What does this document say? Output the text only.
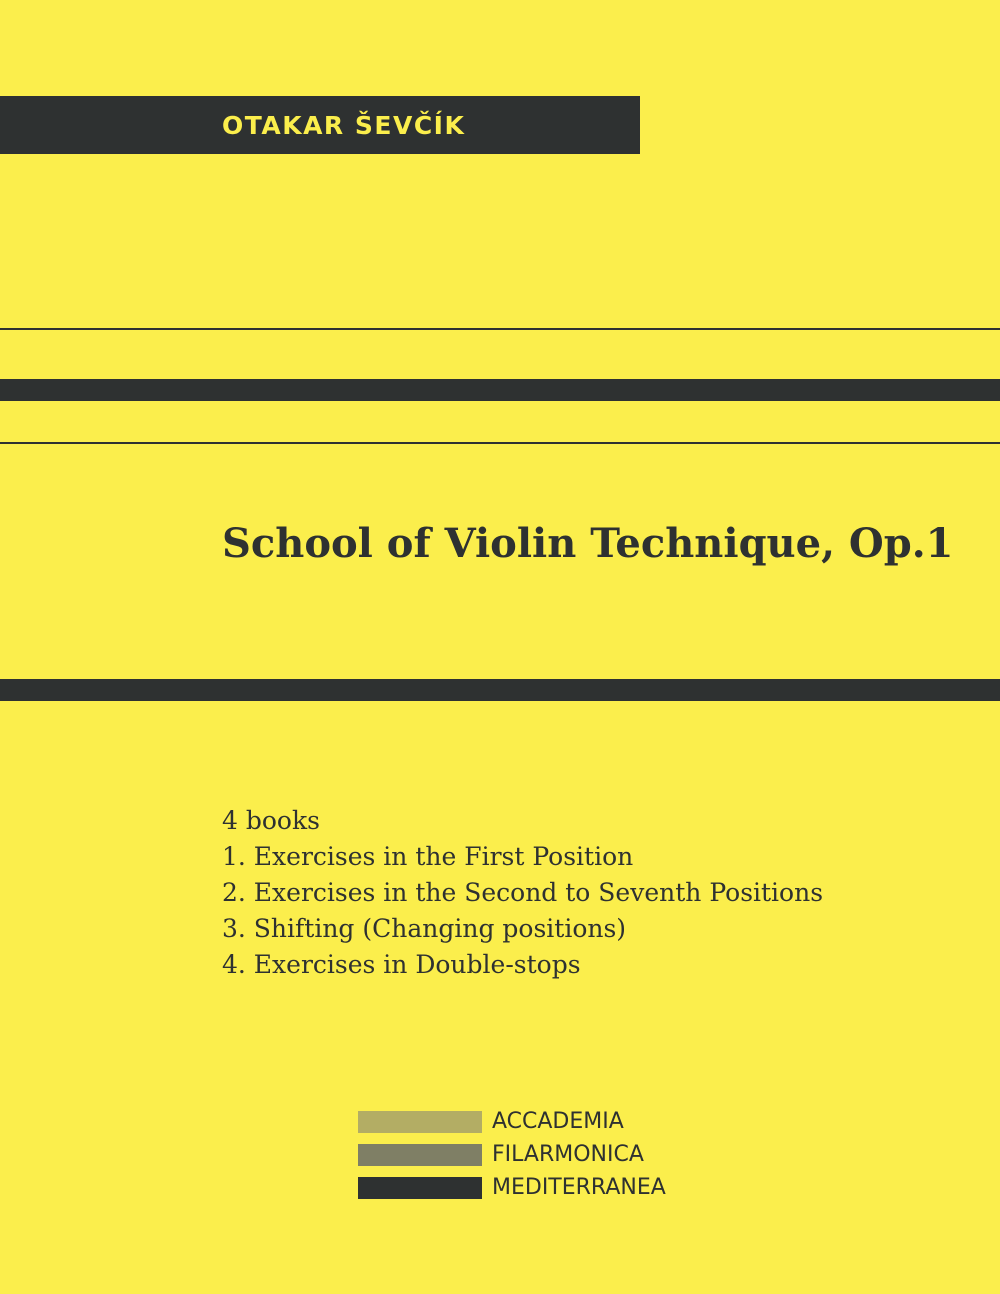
OTAKAR ŠEVČÍK
School of Violin Technique, Op.1
4 books
1. Exercises in the First Position
2. Exercises in the Second to Seventh Positions
3. Shifting (Changing positions)
4. Exercises in Double-stops
ACCADEMIA
FILARMONICA
MEDITERRANEA
